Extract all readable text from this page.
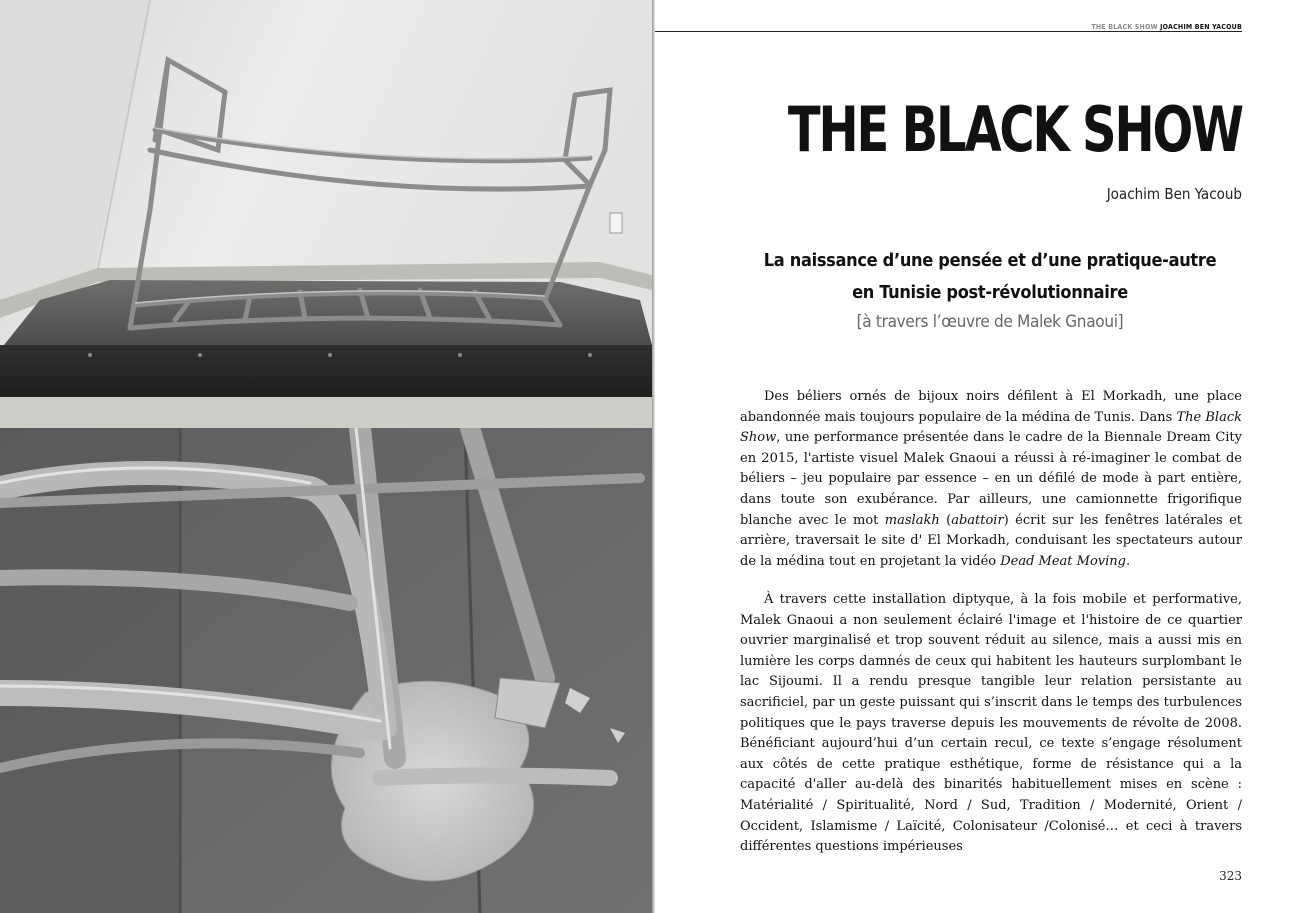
THE BLACK SHOW JOACHIM BEN YACOUB
THE BLACK SHOW
Joachim Ben Yacoub
La naissance d’une pensée et d’une pratique-autre
en Tunisie post-révolutionnaire
[à travers l’œuvre de Malek Gnaoui]

Des béliers ornés de bijoux noirs défilent à El Morkadh, une place abandonnée mais toujours populaire de la médina de Tunis. Dans The Black Show, une performance présentée dans le cadre de la Biennale Dream City en 2015, l'artiste visuel Malek Gnaoui a réussi à ré-imaginer le combat de béliers – jeu populaire par essence – en un défilé de mode à part entière, dans toute son exubérance. Par ailleurs, une camionnette frigorifique blanche avec le mot maslakh (abattoir) écrit sur les fenêtres latérales et arrière, traversait le site d' El Morkadh, conduisant les spectateurs autour de la médina tout en projetant la vidéo Dead Meat Moving.

À travers cette installation diptyque, à la fois mobile et performative, Malek Gnaoui a non seulement éclairé l'image et l'histoire de ce quartier ouvrier marginalisé et trop souvent réduit au silence, mais a aussi mis en lumière les corps damnés de ceux qui habitent les hauteurs surplombant le lac Sijoumi. Il a rendu presque tangible leur relation persistante au sacrificiel, par un geste puissant qui s’inscrit dans le temps des turbulences politiques que le pays traverse depuis les mouvements de révolte de 2008. Bénéficiant aujourd’hui d’un certain recul, ce texte s’engage résolument aux côtés de cette pratique esthétique, forme de résistance qui a la capacité d'aller au-delà des binarités habituellement mises en scène : Matérialité / Spiritualité, Nord / Sud, Tradition / Modernité, Orient / Occident, Islamisme / Laïcité, Colonisateur /Colonisé… et ceci à travers différentes questions impérieuses

323
